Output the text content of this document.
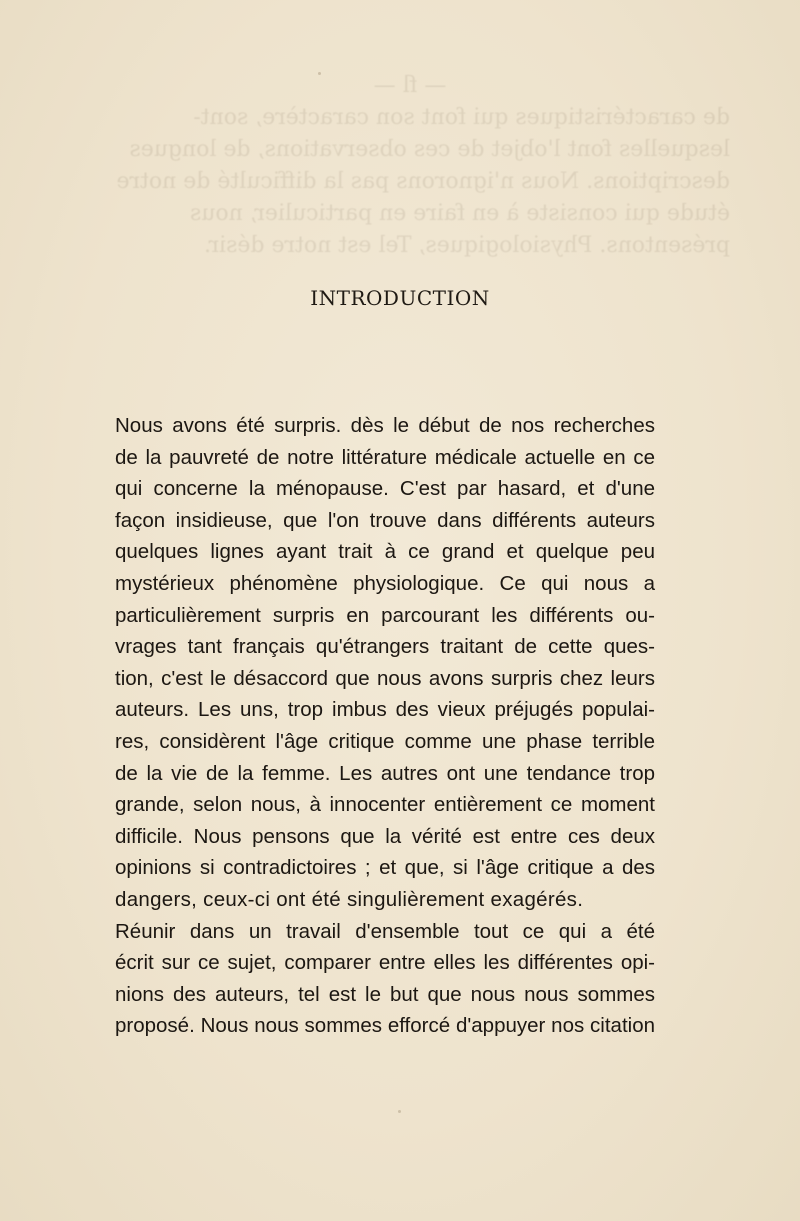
— fl —
de caractéristiques qui font son caractère, sont-
lesquelles font l'objet de ces observations, de longues
descriptions. Nous n'ignorons pas la difficulté de notre
étude qui consiste à en faire en particulier, nous
présentons. Physiologiques, Tel est notre désir.
INTRODUCTION
Nous avons été surpris. dès le début de nos recherches
de la pauvreté de notre littérature médicale actuelle en ce
qui concerne la ménopause. C'est par hasard, et d'une
façon insidieuse, que l'on trouve dans différents auteurs
quelques lignes ayant trait à ce grand et quelque peu
mystérieux phénomène physiologique. Ce qui nous a
particulièrement surpris en parcourant les différents ou-
vrages tant français qu'étrangers traitant de cette ques-
tion, c'est le désaccord que nous avons surpris chez leurs
auteurs. Les uns, trop imbus des vieux préjugés populai-
res, considèrent l'âge critique comme une phase terrible
de la vie de la femme. Les autres ont une tendance trop
grande, selon nous, à innocenter entièrement ce moment
difficile. Nous pensons que la vérité est entre ces deux
opinions si contradictoires ; et que, si l'âge critique a des
dangers, ceux-ci ont été singulièrement exagérés.
Réunir dans un travail d'ensemble tout ce qui a été
écrit sur ce sujet, comparer entre elles les différentes opi-
nions des auteurs, tel est le but que nous nous sommes
proposé. Nous nous sommes efforcé d'appuyer nos citation
